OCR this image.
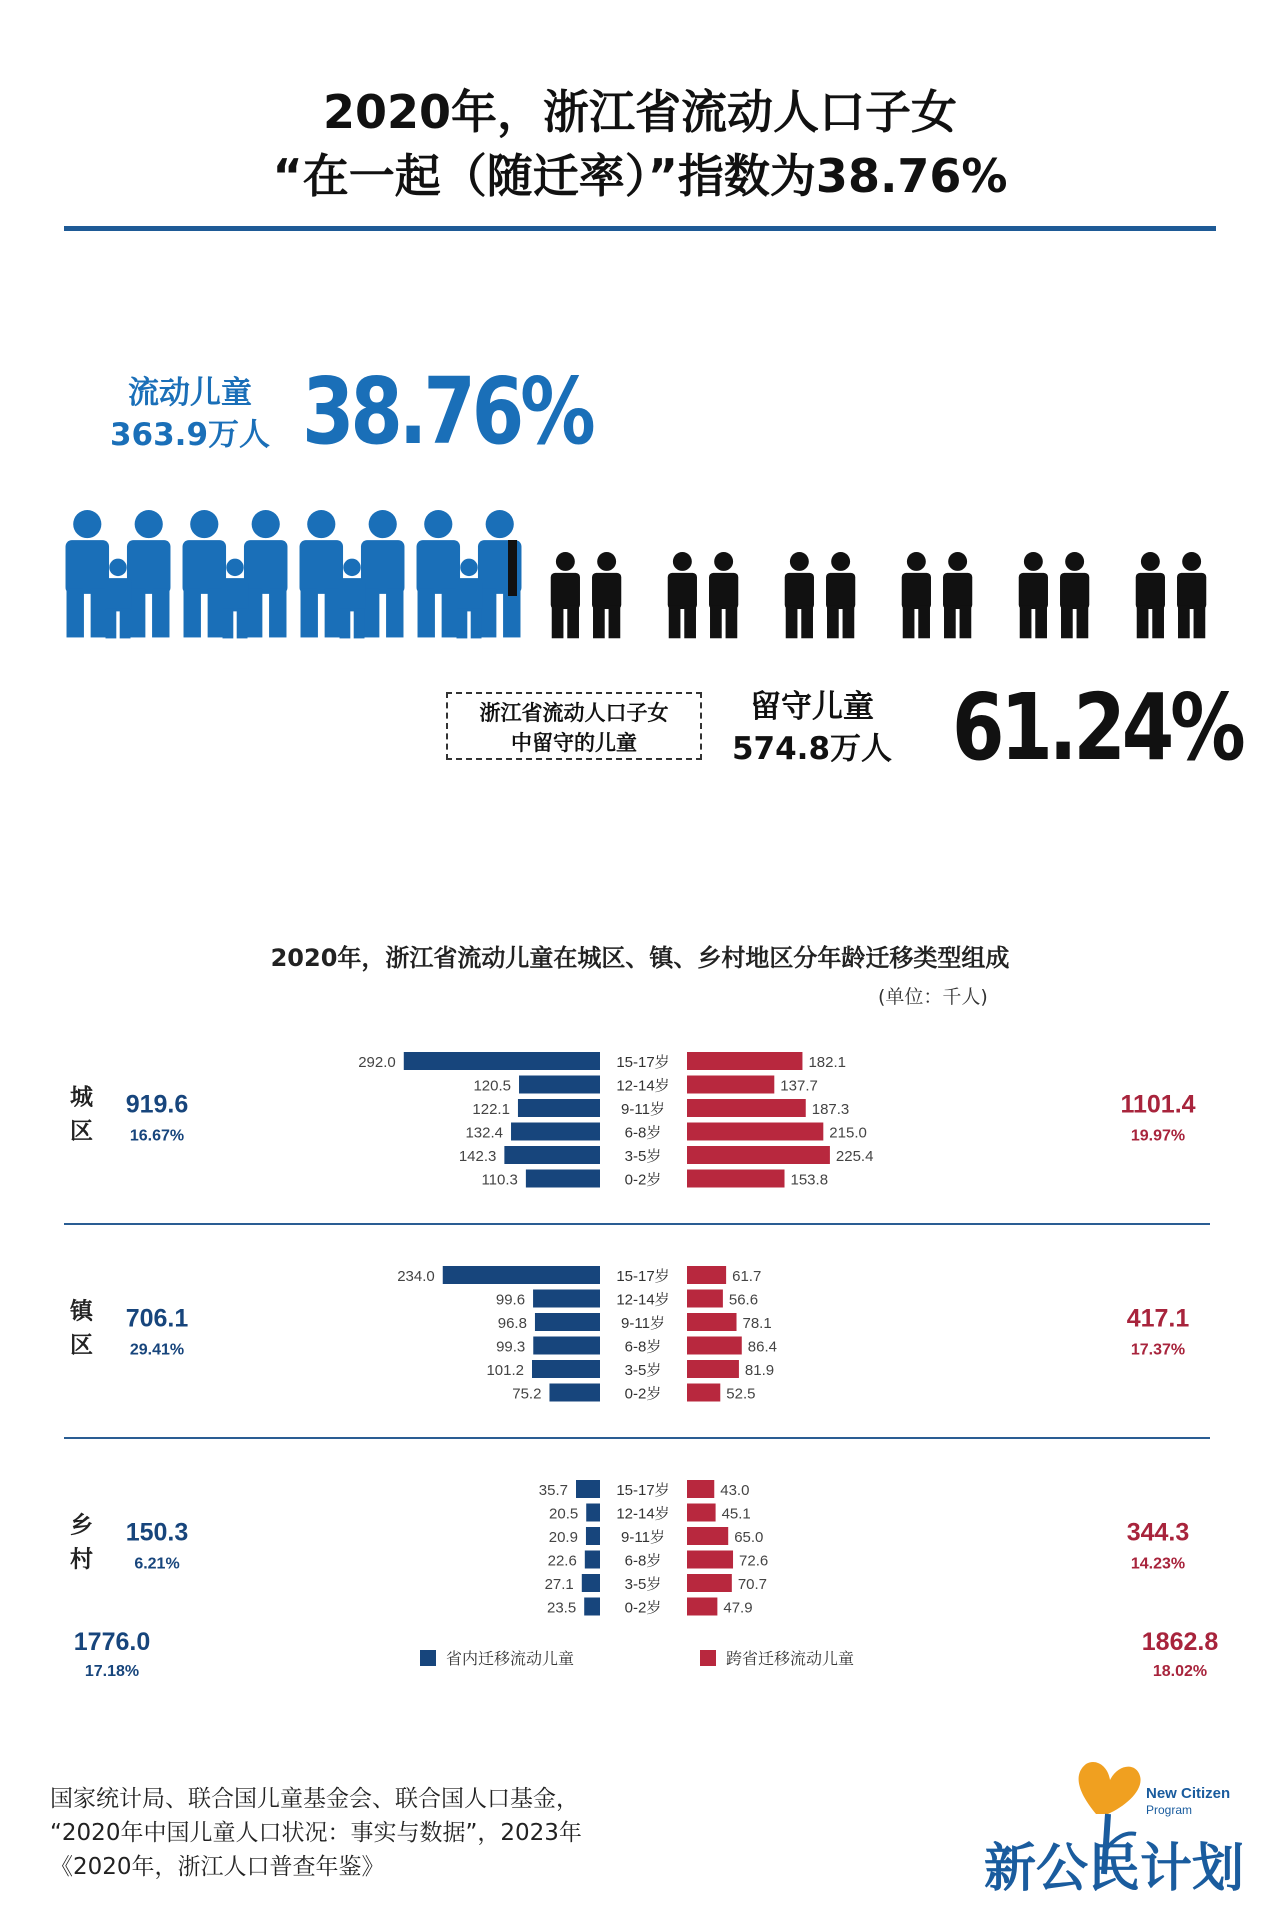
2020年，浙江省流动人口子女
“在一起（随迁率）”指数为38.76%
流动儿童
363.9万人 38.76%
浙江省流动人口子女
中留守的儿童
留守儿童
574.8万人 61.24%
2020年，浙江省流动儿童在城区、镇、乡村地区分年龄迁移类型组成
(单位：千人)
292.0	182.1
15-17岁
120.5	137.7
12-14岁
122.1	187.3
9-11岁
132.4	215.0
6-8岁
142.3	225.4
3-5岁
110.3	153.8
0-2岁
城
区
919.6
16.67%
1101.4
19.97%
234.0	61.7
15-17岁
99.6	56.6
12-14岁
96.8	78.1
9-11岁
99.3	86.4
6-8岁
101.2	81.9
3-5岁
75.2	52.5
0-2岁
镇
区
706.1
29.41%
417.1
17.37%
35.7	43.0
15-17岁
20.5	45.1
12-14岁
20.9	65.0
9-11岁
22.6	72.6
6-8岁
27.1	70.7
3-5岁
23.5	47.9
0-2岁
乡
村
150.3
6.21%
344.3
14.23%
1776.0
17.18%
1862.8
18.02%
省内迁移流动儿童	跨省迁移流动儿童
国家统计局、联合国儿童基金会、联合国人口基金，
“2020年中国儿童人口状况：事实与数据”，2023年
《2020年，浙江人口普查年鉴》
New Citizen
Program
新公民计划
